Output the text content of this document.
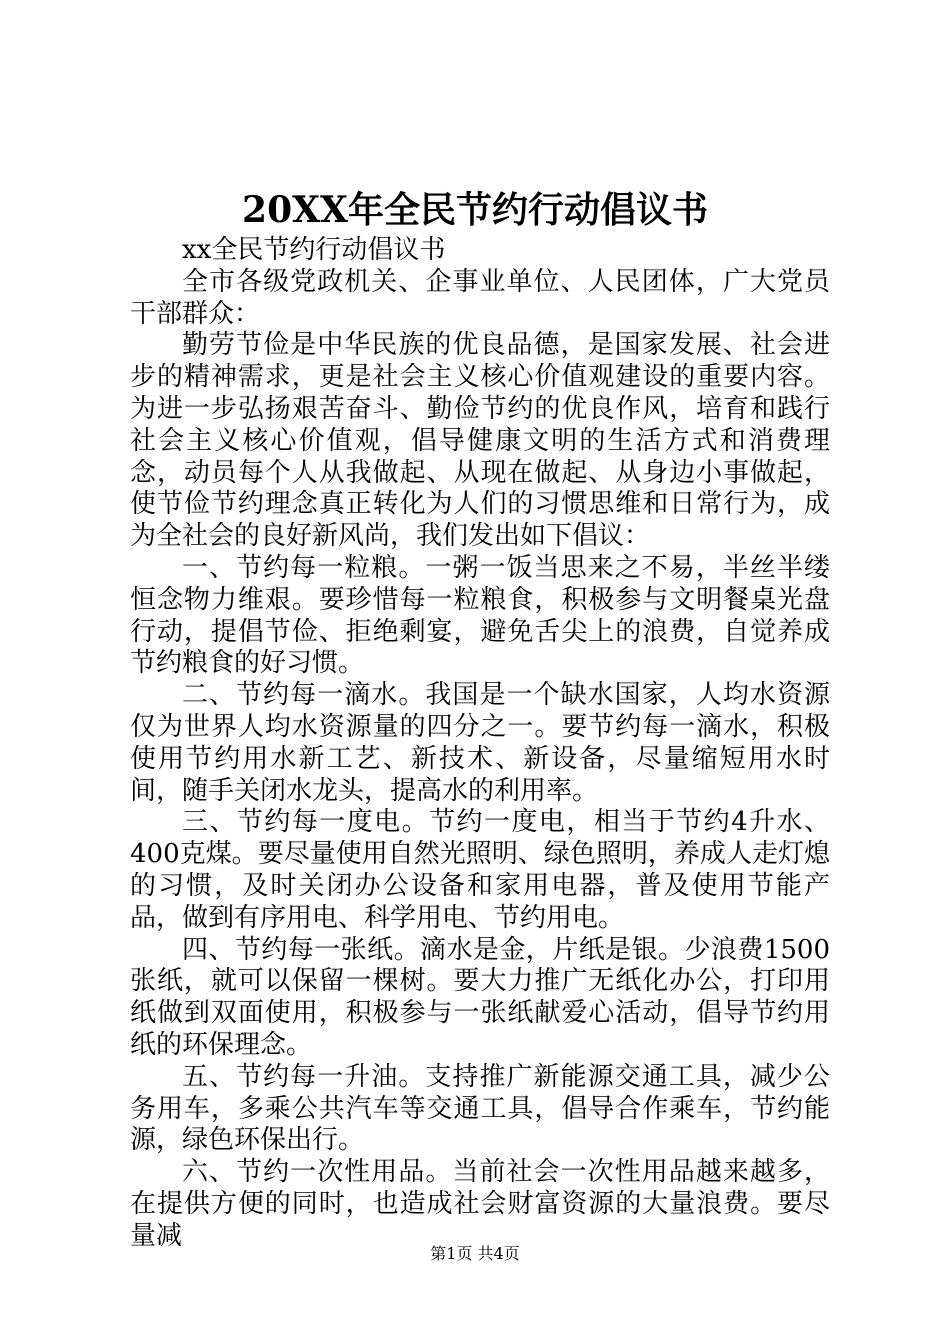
20XX年全民节约行动倡议书

xx全民节约行动倡议书

全市各级党政机关、企事业单位、人民团体，广大党员干部群众：

勤劳节俭是中华民族的优良品德，是国家发展、社会进步的精神需求，更是社会主义核心价值观建设的重要内容。为进一步弘扬艰苦奋斗、勤俭节约的优良作风，培育和践行社会主义核心价值观，倡导健康文明的生活方式和消费理念，动员每个人从我做起、从现在做起、从身边小事做起，使节俭节约理念真正转化为人们的习惯思维和日常行为，成为全社会的良好新风尚，我们发出如下倡议：

一、节约每一粒粮。一粥一饭当思来之不易，半丝半缕恒念物力维艰。要珍惜每一粒粮食，积极参与文明餐桌光盘行动，提倡节俭、拒绝剩宴，避免舌尖上的浪费，自觉养成节约粮食的好习惯。

二、节约每一滴水。我国是一个缺水国家，人均水资源仅为世界人均水资源量的四分之一。要节约每一滴水，积极使用节约用水新工艺、新技术、新设备，尽量缩短用水时间，随手关闭水龙头，提高水的利用率。

三、节约每一度电。节约一度电，相当于节约4升水、400克煤。要尽量使用自然光照明、绿色照明，养成人走灯熄的习惯，及时关闭办公设备和家用电器，普及使用节能产品，做到有序用电、科学用电、节约用电。

四、节约每一张纸。滴水是金，片纸是银。少浪费1500张纸，就可以保留一棵树。要大力推广无纸化办公，打印用纸做到双面使用，积极参与一张纸献爱心活动，倡导节约用纸的环保理念。

五、节约每一升油。支持推广新能源交通工具，减少公务用车，多乘公共汽车等交通工具，倡导合作乘车，节约能源，绿色环保出行。

六、节约一次性用品。当前社会一次性用品越来越多，在提供方便的同时，也造成社会财富资源的大量浪费。要尽量减

第1页 共4页
